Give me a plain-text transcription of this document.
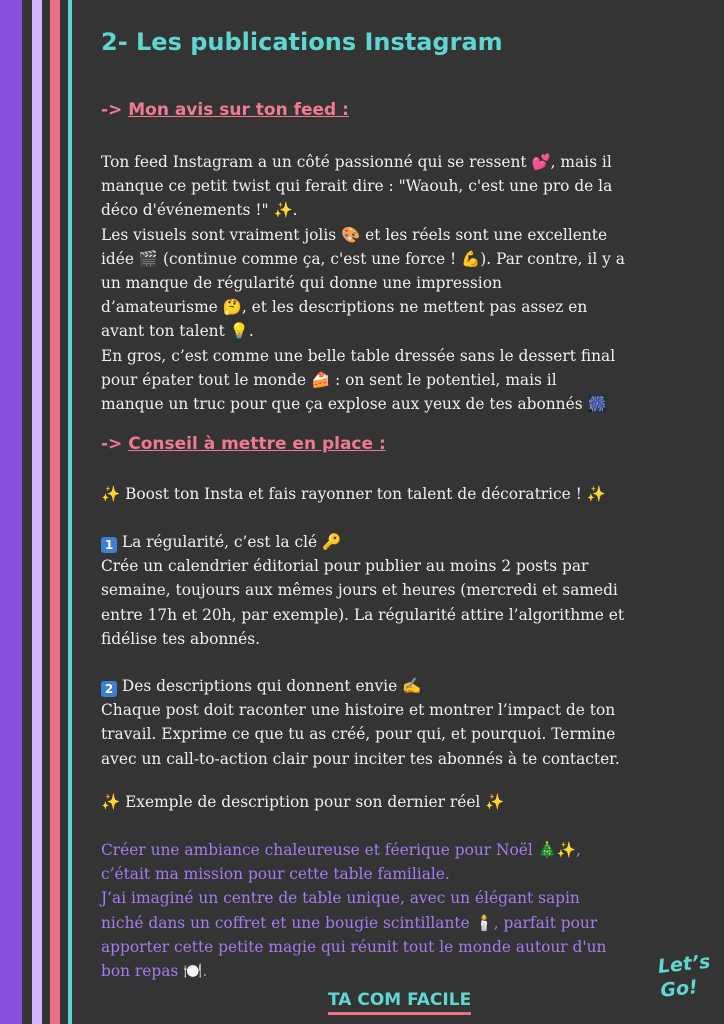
2- Les publications Instagram
-> Mon avis sur ton feed :

Ton feed Instagram a un côté passionné qui se ressent 💕, mais il

manque ce petit twist qui ferait dire : "Waouh, c'est une pro de la

déco d'événements !" ✨.

Les visuels sont vraiment jolis 🎨 et les réels sont une excellente

idée 🎬 (continue comme ça, c'est une force ! 💪). Par contre, il y a

un manque de régularité qui donne une impression

d’amateurisme 🤔, et les descriptions ne mettent pas assez en

avant ton talent 💡.

En gros, c’est comme une belle table dressée sans le dessert final

pour épater tout le monde 🍰 : on sent le potentiel, mais il

manque un truc pour que ça explose aux yeux de tes abonnés 🎆

-> Conseil à mettre en place :

✨ Boost ton Insta et fais rayonner ton talent de décoratrice ! ✨

1 La régularité, c’est la clé 🔑

Crée un calendrier éditorial pour publier au moins 2 posts par

semaine, toujours aux mêmes jours et heures (mercredi et samedi

entre 17h et 20h, par exemple). La régularité attire l’algorithme et

fidélise tes abonnés.

2 Des descriptions qui donnent envie ✍️

Chaque post doit raconter une histoire et montrer l’impact de ton

travail. Exprime ce que tu as créé, pour qui, et pourquoi. Termine

avec un call-to-action clair pour inciter tes abonnés à te contacter.

✨ Exemple de description pour son dernier réel ✨

Créer une ambiance chaleureuse et féerique pour Noël 🎄✨,

c’était ma mission pour cette table familiale.

J’ai imaginé un centre de table unique, avec un élégant sapin

niché dans un coffret et une bougie scintillante 🕯️, parfait pour

apporter cette petite magie qui réunit tout le monde autour d'un

bon repas 🍽️.

TA COM FACILE
Let’s
Go!
